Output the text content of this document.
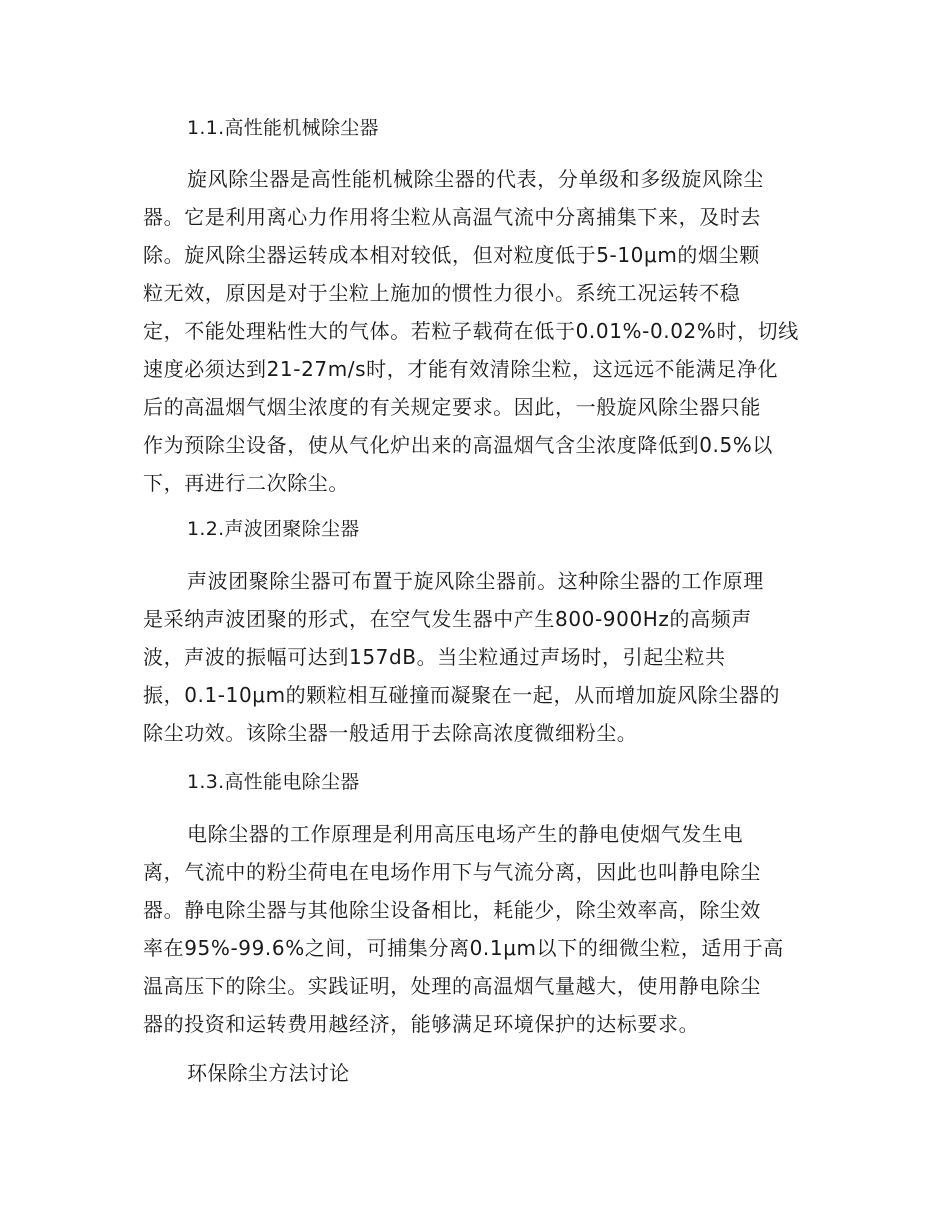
1.1.高性能机械除尘器
旋风除尘器是高性能机械除尘器的代表，分单级和多级旋风除尘
器。它是利用离心力作用将尘粒从高温气流中分离捕集下来，及时去
除。旋风除尘器运转成本相对较低，但对粒度低于5-10μm的烟尘颗
粒无效，原因是对于尘粒上施加的惯性力很小。系统工况运转不稳
定，不能处理粘性大的气体。若粒子载荷在低于0.01%-0.02%时，切线
速度必须达到21-27m/s时，才能有效清除尘粒，这远远不能满足净化
后的高温烟气烟尘浓度的有关规定要求。因此，一般旋风除尘器只能
作为预除尘设备，使从气化炉出来的高温烟气含尘浓度降低到0.5%以
下，再进行二次除尘。
1.2.声波团聚除尘器
声波团聚除尘器可布置于旋风除尘器前。这种除尘器的工作原理
是采纳声波团聚的形式，在空气发生器中产生800-900Hz的高频声
波，声波的振幅可达到157dB。当尘粒通过声场时，引起尘粒共
振，0.1-10μm的颗粒相互碰撞而凝聚在一起，从而增加旋风除尘器的
除尘功效。该除尘器一般适用于去除高浓度微细粉尘。
1.3.高性能电除尘器
电除尘器的工作原理是利用高压电场产生的静电使烟气发生电
离，气流中的粉尘荷电在电场作用下与气流分离，因此也叫静电除尘
器。静电除尘器与其他除尘设备相比，耗能少，除尘效率高，除尘效
率在95%-99.6%之间，可捕集分离0.1μm以下的细微尘粒，适用于高
温高压下的除尘。实践证明，处理的高温烟气量越大，使用静电除尘
器的投资和运转费用越经济，能够满足环境保护的达标要求。
环保除尘方法讨论
